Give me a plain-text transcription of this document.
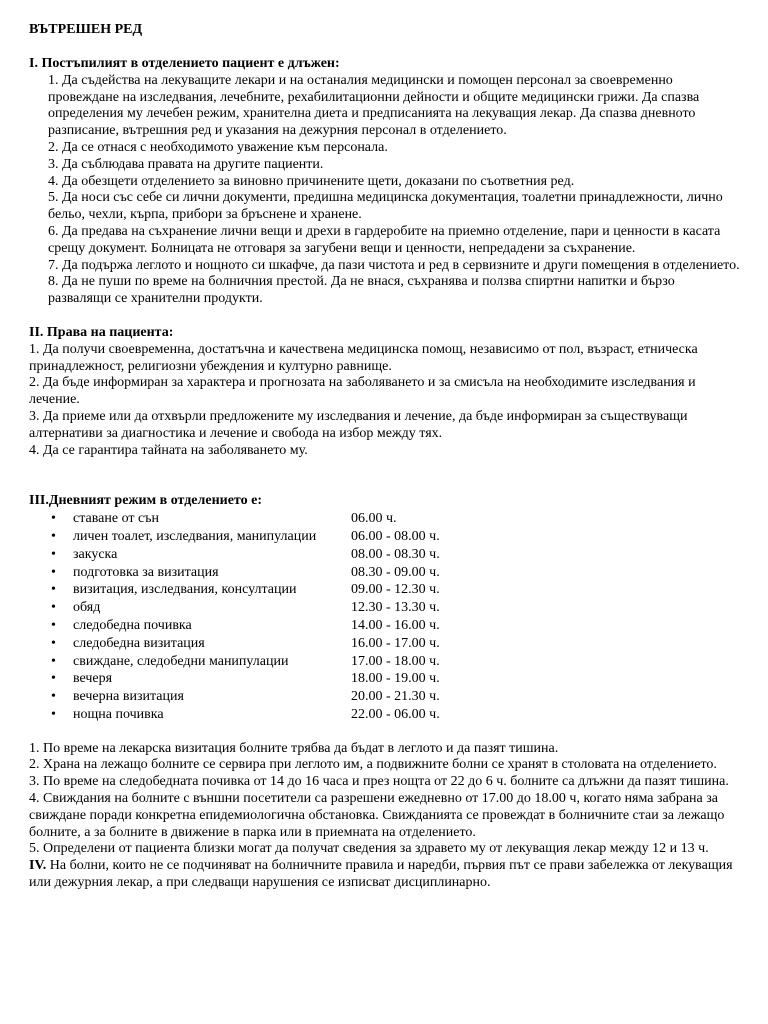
ВЪТРЕШЕН РЕД

I. Постъпилият в отделението пациент е длъжен:

1. Да съдейства на лекуващите лекари и на останалия медицински и помощен персонал за своевременно провеждане на изследвания, лечебните, рехабилитационни дейности и общите медицински грижи. Да спазва определения му лечебен режим, хранителна диета и предписанията на лекуващия лекар. Да спазва дневното разписание, вътрешния ред и указания на дежурния персонал в отделението.
2. Да се отнася с необходимото уважение към персонала.
3. Да съблюдава правата на другите пациенти.
4. Да обезщети отделението за виновно причинените щети, доказани по съответния ред.
5. Да носи със себе си лични документи, предишна медицинска документация, тоалетни принадлежности, лично бельо, чехли, кърпа, прибори за бръснене и хранене.
6. Да предава на съхранение лични вещи и дрехи в гардеробите на приемно отделение, пари и ценности в касата срещу документ. Болницата не отговаря за загубени вещи и ценности, непредадени за съхранение.
7. Да подържа леглото и нощното си шкафче, да пази чистота и ред в сервизните и други помещения в отделението.
8. Да не пуши по време на болничния престой. Да не внася, съхранява и ползва спиртни напитки и бързо развалящи се хранителни продукти.

II. Права на пациента:

1. Да получи своевременна, достатъчна и качествена медицинска помощ, независимо от пол, възраст, етническа принадлежност, религиозни убеждения и културно равнище.
2. Да бъде информиран за характера и прогнозата на заболяването и за смисъла на необходимите изследвания и лечение.
3. Да приеме или да отхвърли предложените му изследвания и лечение, да бъде информиран за съществуващи алтернативи за диагностика и лечение и свобода на избор между тях.
4. Да се гарантира тайната на заболяването му.

III.Дневният режим в отделението е:

• ставане от сън	06.00 ч.
• личен тоалет, изследвания, манипулации 06.00 - 08.00 ч.
• закуска	08.00 - 08.30 ч.
• подготовка за визитация	08.30 - 09.00 ч.
• визитация, изследвания, консултации	09.00 - 12.30 ч.
• обяд	12.30 - 13.30 ч.
• следобедна почивка	14.00 - 16.00 ч.
• следобедна визитация	16.00 - 17.00 ч.
• свиждане, следобедни манипулации	17.00 - 18.00 ч.
• вечеря	18.00 - 19.00 ч.
• вечерна визитация	20.00 - 21.30 ч.
• нощна почивка	22.00 - 06.00 ч.
1. По време на лекарска визитация болните трябва да бъдат в леглото и да пазят тишина.
2. Храна на лежащо болните се сервира при леглото им, а подвижните болни се хранят в столовата на отделението.
3. По време на следобедната почивка от 14 до 16 часа и през нощта от 22 до 6 ч. болните са длъжни да пазят тишина.
4. Свиждания на болните с външни посетители са разрешени ежедневно от 17.00 до 18.00 ч, когато няма забрана за свиждане поради конкретна епидемиологична обстановка. Свижданията се провеждат в болничните стаи за лежащо болните, а за болните в движение в парка или в приемната на отделението.
5. Определени от пациента близки могат да получат сведения за здравето му от лекуващия лекар между 12 и 13 ч.

IV. На болни, които не се подчиняват на болничните правила и наредби, първия път се прави забележка от лекуващия или дежурния лекар, а при следващи нарушения се изписват дисциплинарно.
